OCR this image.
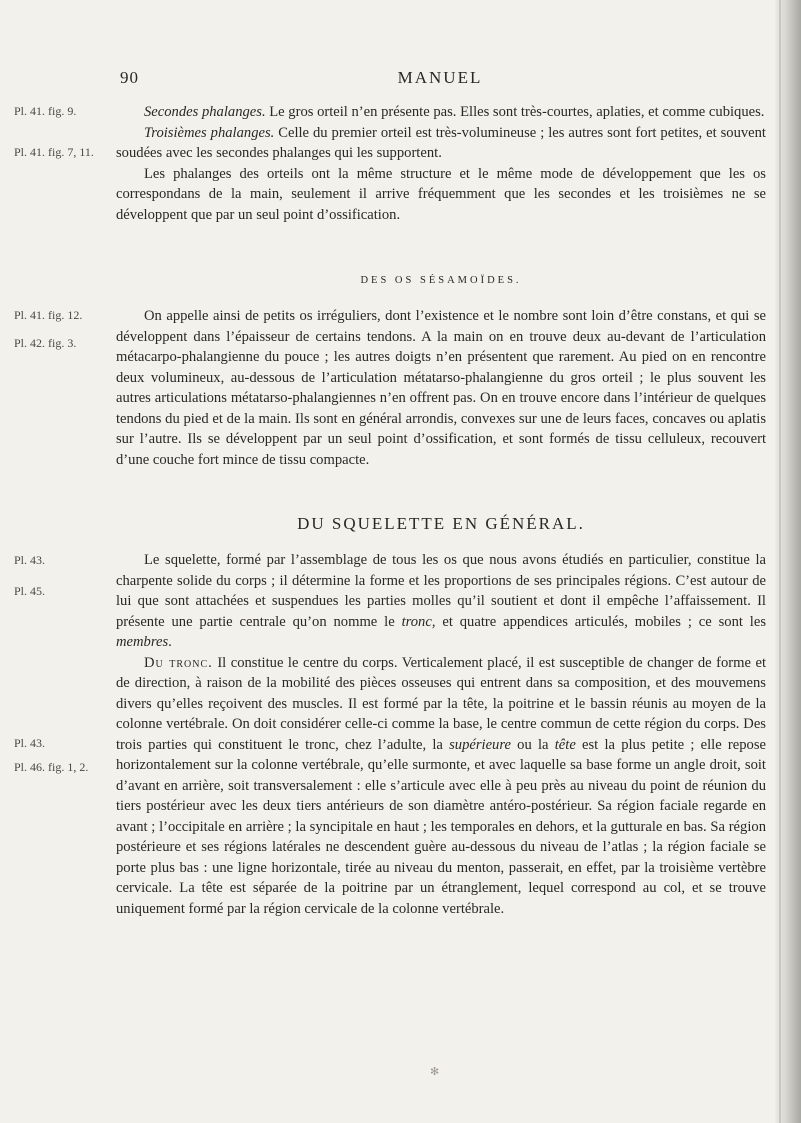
90	MANUEL
Pl. 41. fig. 9.
Pl. 41. fig. 7, 11.
Pl. 41. fig. 12.
Pl. 42. fig. 3.
Pl. 43.
Pl. 45.
Pl. 43.
Pl. 46. fig. 1, 2.

Secondes phalanges. Le gros orteil n’en présente pas. Elles sont très-courtes, aplaties, et comme cubiques.

Troisièmes phalanges. Celle du premier orteil est très-volumineuse ; les autres sont fort petites, et souvent soudées avec les secondes phalanges qui les supportent.

Les phalanges des orteils ont la même structure et le même mode de développement que les os correspondans de la main, seulement il arrive fréquemment que les secondes et les troisièmes ne se développent que par un seul point d’ossification.

DES OS SÉSAMOÏDES.

On appelle ainsi de petits os irréguliers, dont l’existence et le nombre sont loin d’être constans, et qui se développent dans l’épaisseur de certains tendons. A la main on en trouve deux au-devant de l’articulation métacarpo-phalangienne du pouce ; les autres doigts n’en présentent que rarement. Au pied on en rencontre deux volumineux, au-dessous de l’articulation métatarso-phalangienne du gros orteil ; le plus souvent les autres articulations métatarso-phalangiennes n’en offrent pas. On en trouve encore dans l’intérieur de quelques tendons du pied et de la main. Ils sont en général arrondis, convexes sur une de leurs faces, concaves ou aplatis sur l’autre. Ils se développent par un seul point d’ossification, et sont formés de tissu celluleux, recouvert d’une couche fort mince de tissu compacte.

DU SQUELETTE EN GÉNÉRAL.

Le squelette, formé par l’assemblage de tous les os que nous avons étudiés en particulier, constitue la charpente solide du corps ; il détermine la forme et les proportions de ses principales régions. C’est autour de lui que sont attachées et suspendues les parties molles qu’il soutient et dont il empêche l’affaissement. Il présente une partie centrale qu’on nomme le tronc, et quatre appendices articulés, mobiles ; ce sont les membres.

Du tronc. Il constitue le centre du corps. Verticalement placé, il est susceptible de changer de forme et de direction, à raison de la mobilité des pièces osseuses qui entrent dans sa composition, et des mouvemens divers qu’elles reçoivent des muscles. Il est formé par la tête, la poitrine et le bassin réunis au moyen de la colonne vertébrale. On doit considérer celle-ci comme la base, le centre commun de cette région du corps. Des trois parties qui constituent le tronc, chez l’adulte, la supérieure ou la tête est la plus petite ; elle repose horizontalement sur la colonne vertébrale, qu’elle surmonte, et avec laquelle sa base forme un angle droit, soit d’avant en arrière, soit transversalement : elle s’articule avec elle à peu près au niveau du point de réunion du tiers postérieur avec les deux tiers antérieurs de son diamètre antéro-postérieur. Sa région faciale regarde en avant ; l’occipitale en arrière ; la syncipitale en haut ; les temporales en dehors, et la gutturale en bas. Sa région postérieure et ses régions latérales ne descendent guère au-dessous du niveau de l’atlas ; la région faciale se porte plus bas : une ligne horizontale, tirée au niveau du menton, passerait, en effet, par la troisième vertèbre cervicale. La tête est séparée de la poitrine par un étranglement, lequel correspond au col, et se trouve uniquement formé par la région cervicale de la colonne vertébrale.

✻
